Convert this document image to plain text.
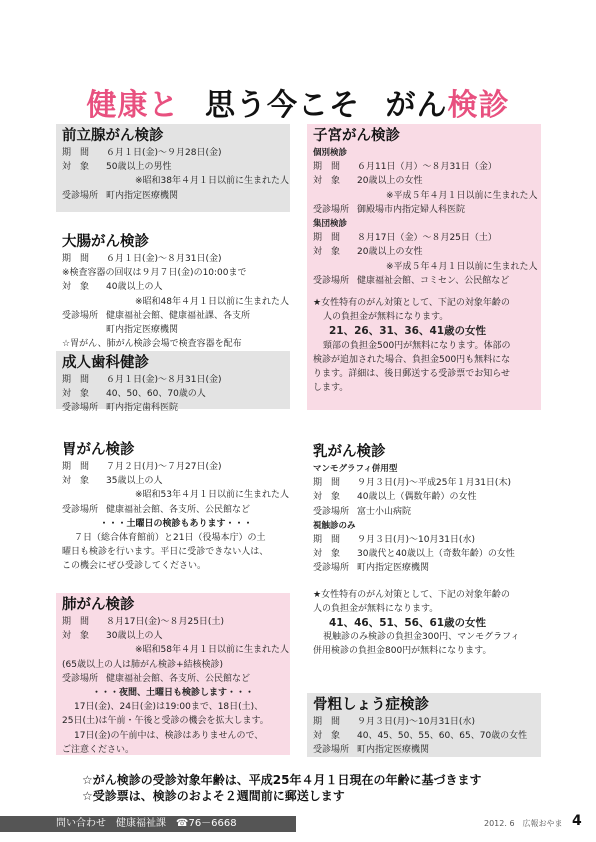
健康と 思う今こそ がん検診
前立腺がん検診
期　間	６月１日(金)～９月28日(金)
対　象	50歳以上の男性
※昭和38年４月１日以前に生まれた人
受診場所 町内指定医療機関
大腸がん検診
期　間	６月１日(金)～８月31日(金)
※検査容器の回収は９月７日(金)の10:00まで
対　象	40歳以上の人
※昭和48年４月１日以前に生まれた人
受診場所 健康福祉会館、健康福祉課、各支所
町内指定医療機関
☆胃がん、肺がん検診会場で検査容器を配布
成人歯科健診
期　間	６月１日(金)～８月31日(金)
対　象	40、50、60、70歳の人
受診場所 町内指定歯科医院
胃がん検診
期　間	７月２日(月)～７月27日(金)
対　象	35歳以上の人
※昭和53年４月１日以前に生まれた人
受診場所 健康福祉会館、各支所、公民館など
・・・土曜日の検診もあります・・・
７日（総合体育館前）と21日（役場本庁）の土
曜日も検診を行います。平日に受診できない人は、
この機会にぜひ受診してください。
肺がん検診
期　間	８月17日(金)～８月25日(土)
対　象	30歳以上の人
※昭和58年４月１日以前に生まれた人
(65歳以上の人は肺がん検診+結核検診)
受診場所 健康福祉会館、各支所、公民館など
・・・夜間、土曜日も検診します・・・
17日(金)、24日(金)は19:00まで、18日(土)、
25日(土)は午前・午後と受診の機会を拡大します。
17日(金)の午前中は、検診はありませんので、
ご注意ください。
子宮がん検診
個別検診
期　間	６月11日（月）～８月31日（金）
対　象	20歳以上の女性
※平成５年４月１日以前に生まれた人
受診場所 御殿場市内指定婦人科医院
集団検診
期　間	８月17日（金）～８月25日（土）
対　象	20歳以上の女性
※平成５年４月１日以前に生まれた人
受診場所 健康福祉会館、コミセン、公民館など
★女性特有のがん対策として、下記の対象年齢の
人の負担金が無料になります。
21、26、31、36、41歳の女性
頸部の負担金500円が無料になります。体部の
検診が追加された場合、負担金500円も無料にな
ります。詳細は、後日郵送する受診票でお知らせ
します。
乳がん検診
マンモグラフィ併用型
期　間	９月３日(月)～平成25年１月31日(木)
対　象	40歳以上（偶数年齢）の女性
受診場所 富士小山病院
視触診のみ
期　間	９月３日(月)～10月31日(水)
対　象	30歳代と40歳以上（奇数年齢）の女性
受診場所 町内指定医療機関
★女性特有のがん対策として、下記の対象年齢の
人の負担金が無料になります。
41、46、51、56、61歳の女性
視触診のみ検診の負担金300円、マンモグラフィ
併用検診の負担金800円が無料になります。
骨粗しょう症検診
期　間	９月３日(月)～10月31日(水)
対　象	40、45、50、55、60、65、70歳の女性
受診場所 町内指定医療機関
☆がん検診の受診対象年齢は、平成25年４月１日現在の年齢に基づきます
☆受診票は、検診のおよそ２週間前に郵送します
問い合わせ　健康福祉課　☎76－6668	2012. 6　広報おやま 4
